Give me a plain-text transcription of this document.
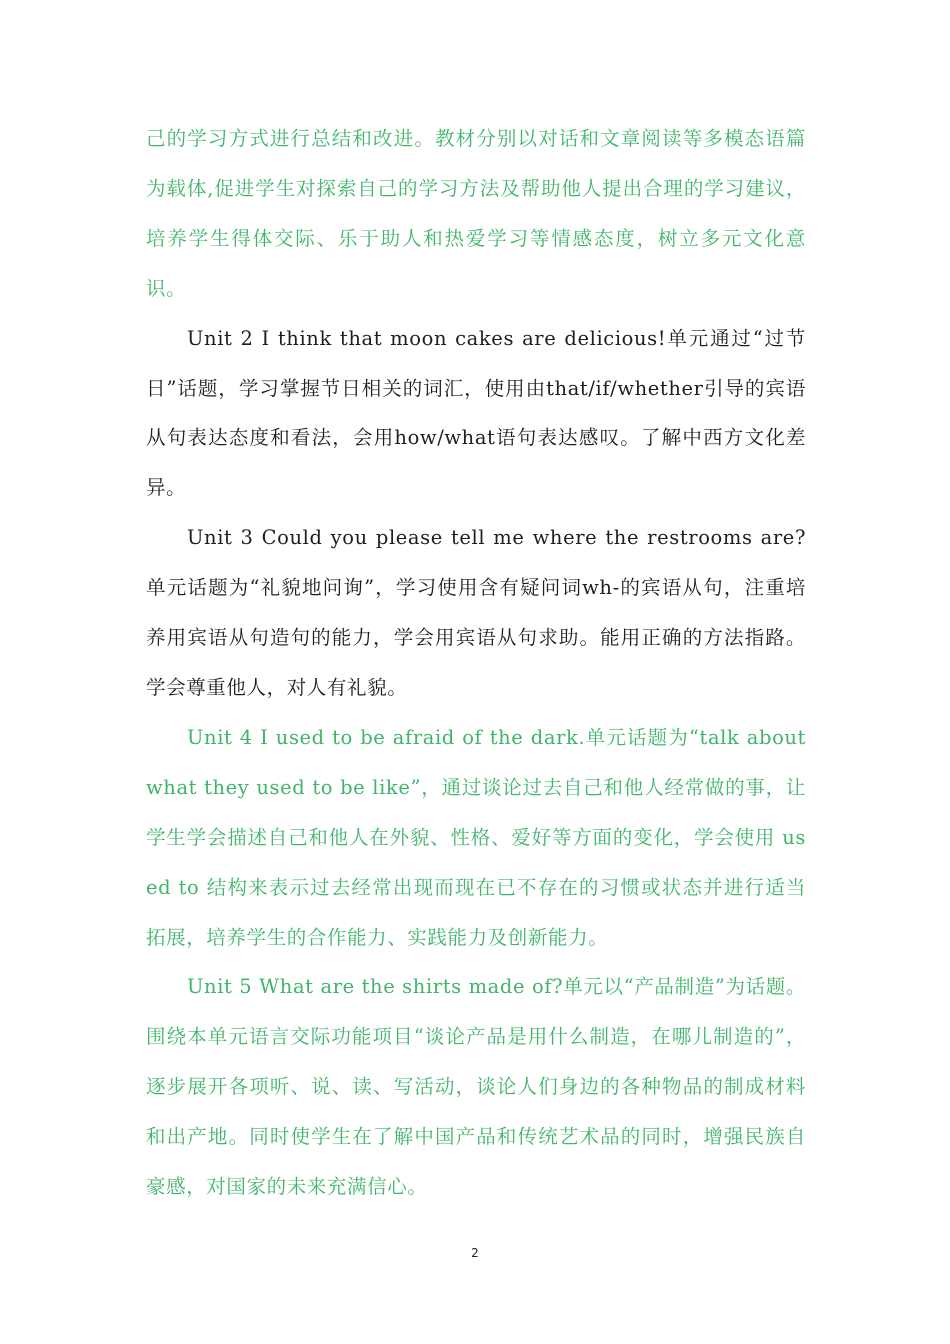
己的学习方式进行总结和改进。教材分别以对话和文章阅读等多模态语篇为载体,促进学生对探索自己的学习方法及帮助他人提出合理的学习建议，培养学生得体交际、乐于助人和热爱学习等情感态度，树立多元文化意识。

Unit 2 I think that moon cakes are delicious!单元通过“过节日”话题，学习掌握节日相关的词汇，使用由that/if/whether引导的宾语从句表达态度和看法，会用how/what语句表达感叹。了解中西方文化差异。

Unit 3 Could you please tell me where the restrooms are?单元话题为“礼貌地问询”，学习使用含有疑问词wh-的宾语从句，注重培养用宾语从句造句的能力，学会用宾语从句求助。能用正确的方法指路。学会尊重他人，对人有礼貌。

Unit 4 I used to be afraid of the dark.单元话题为“talk about what they used to be like”，通过谈论过去自己和他人经常做的事，让学生学会描述自己和他人在外貌、性格、爱好等方面的变化，学会使用 used to 结构来表示过去经常出现而现在已不存在的习惯或状态并进行适当拓展，培养学生的合作能力、实践能力及创新能力。

Unit 5 What are the shirts made of?单元以“产品制造”为话题。围绕本单元语言交际功能项目“谈论产品是用什么制造，在哪儿制造的”，逐步展开各项听、说、读、写活动，谈论人们身边的各种物品的制成材料和出产地。同时使学生在了解中国产品和传统艺术品的同时，增强民族自豪感，对国家的未来充满信心。

2
